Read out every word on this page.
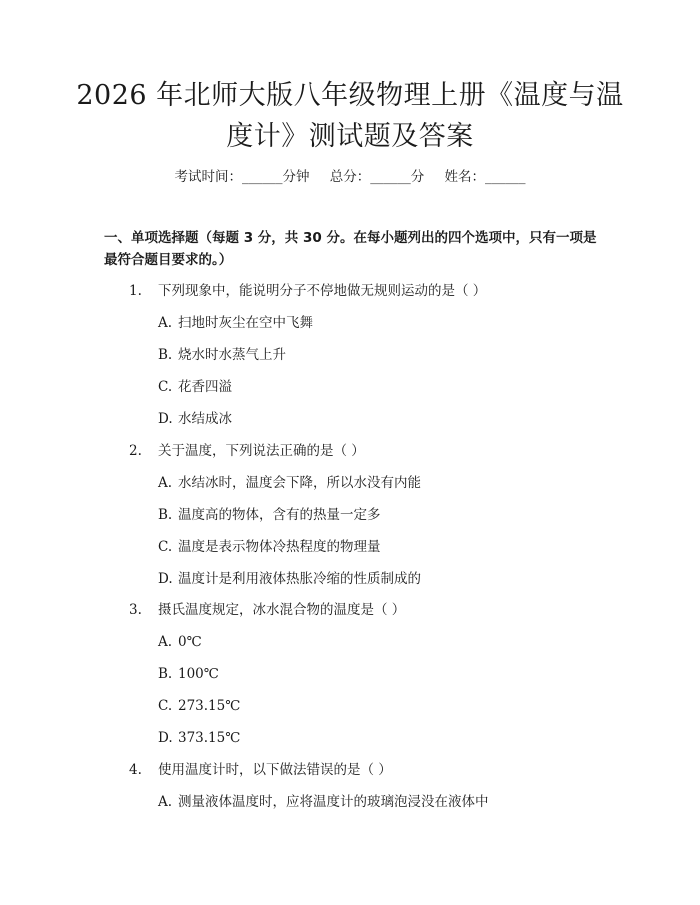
2026 年北师大版八年级物理上册《温度与温
度计》测试题及答案
考试时间：______分钟 总分：______分 姓名：______
一、单项选择题（每题 3 分，共 30 分。在每小题列出的四个选项中，只有一项是最符合题目要求的。）
1.	下列现象中，能说明分子不停地做无规则运动的是（ ）
A. 扫地时灰尘在空中飞舞
B. 烧水时水蒸气上升
C. 花香四溢
D. 水结成冰
2.	关于温度，下列说法正确的是（ ）
A. 水结冰时，温度会下降，所以水没有内能
B. 温度高的物体，含有的热量一定多
C. 温度是表示物体冷热程度的物理量
D. 温度计是利用液体热胀冷缩的性质制成的
3.	摄氏温度规定，冰水混合物的温度是（ ）
A. 0℃
B. 100℃
C. 273.15℃
D. 373.15℃
4.	使用温度计时，以下做法错误的是（ ）
A. 测量液体温度时，应将温度计的玻璃泡浸没在液体中
